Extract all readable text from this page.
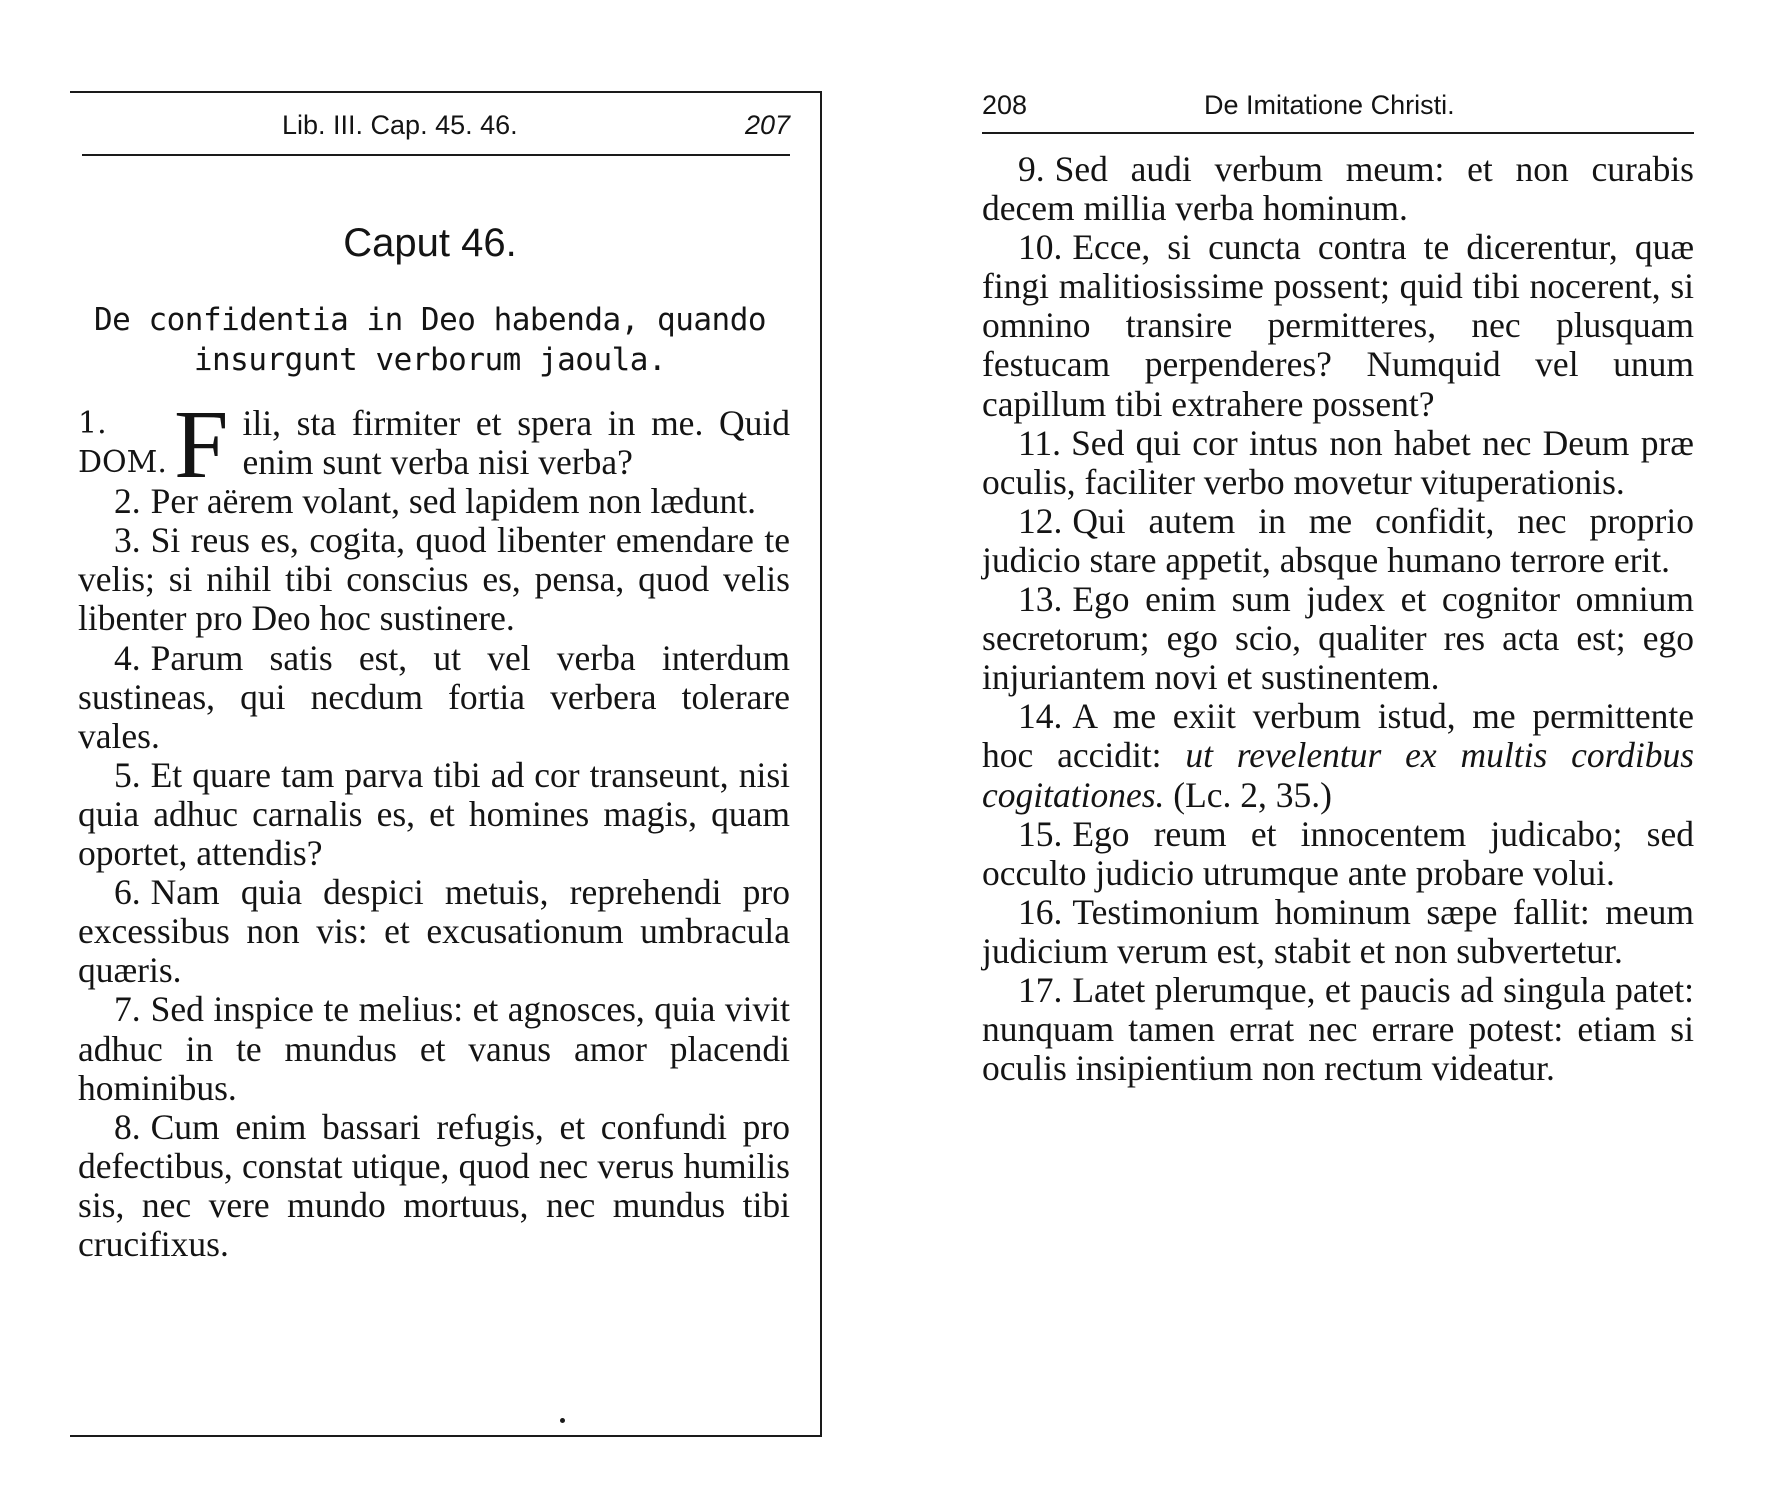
Lib. III. Cap. 45. 46.	207
Caput 46.
De confidentia in Deo habenda, quando
insurgunt verborum jaoula.

1.
DOM. F ili, sta firmiter et spera in me. Quid enim sunt verba nisi verba?

2. Per aërem volant, sed lapidem non lædunt.

3. Si reus es, cogita, quod libenter emendare te velis; si nihil tibi conscius es, pensa, quod velis libenter pro Deo hoc sustinere.

4. Parum satis est, ut vel verba interdum sustineas, qui necdum fortia verbera tolerare vales.

5. Et quare tam parva tibi ad cor transeunt, nisi quia adhuc carnalis es, et homines magis, quam oportet, attendis?

6. Nam quia despici metuis, reprehendi pro excessibus non vis: et excusationum umbracula quæris.

7. Sed inspice te melius: et agnosces, quia vivit adhuc in te mundus et vanus amor placendi hominibus.

8. Cum enim bassari refugis, et confundi pro defectibus, constat utique, quod nec verus humilis sis, nec vere mundo mortuus, nec mundus tibi crucifixus.

208	De Imitatione Christi.

9. Sed audi verbum meum: et non curabis decem millia verba hominum.

10. Ecce, si cuncta contra te dicerentur, quæ fingi malitiosissime possent; quid tibi nocerent, si omnino transire permitteres, nec plusquam festucam perpenderes? Numquid vel unum capillum tibi extrahere possent?

11. Sed qui cor intus non habet nec Deum præ oculis, faciliter verbo movetur vituperationis.

12. Qui autem in me confidit, nec proprio judicio stare appetit, absque humano terrore erit.

13. Ego enim sum judex et cognitor omnium secretorum; ego scio, qualiter res acta est; ego injuriantem novi et sustinentem.

14. A me exiit verbum istud, me permittente hoc accidit: ut revelentur ex multis cordibus cogitationes. (Lc. 2, 35.)

15. Ego reum et innocentem judicabo; sed occulto judicio utrumque ante probare volui.

16. Testimonium hominum sæpe fallit: meum judicium verum est, stabit et non subvertetur.

17. Latet plerumque, et paucis ad singula patet: nunquam tamen errat nec errare potest: etiam si oculis insipientium non rectum videatur.
